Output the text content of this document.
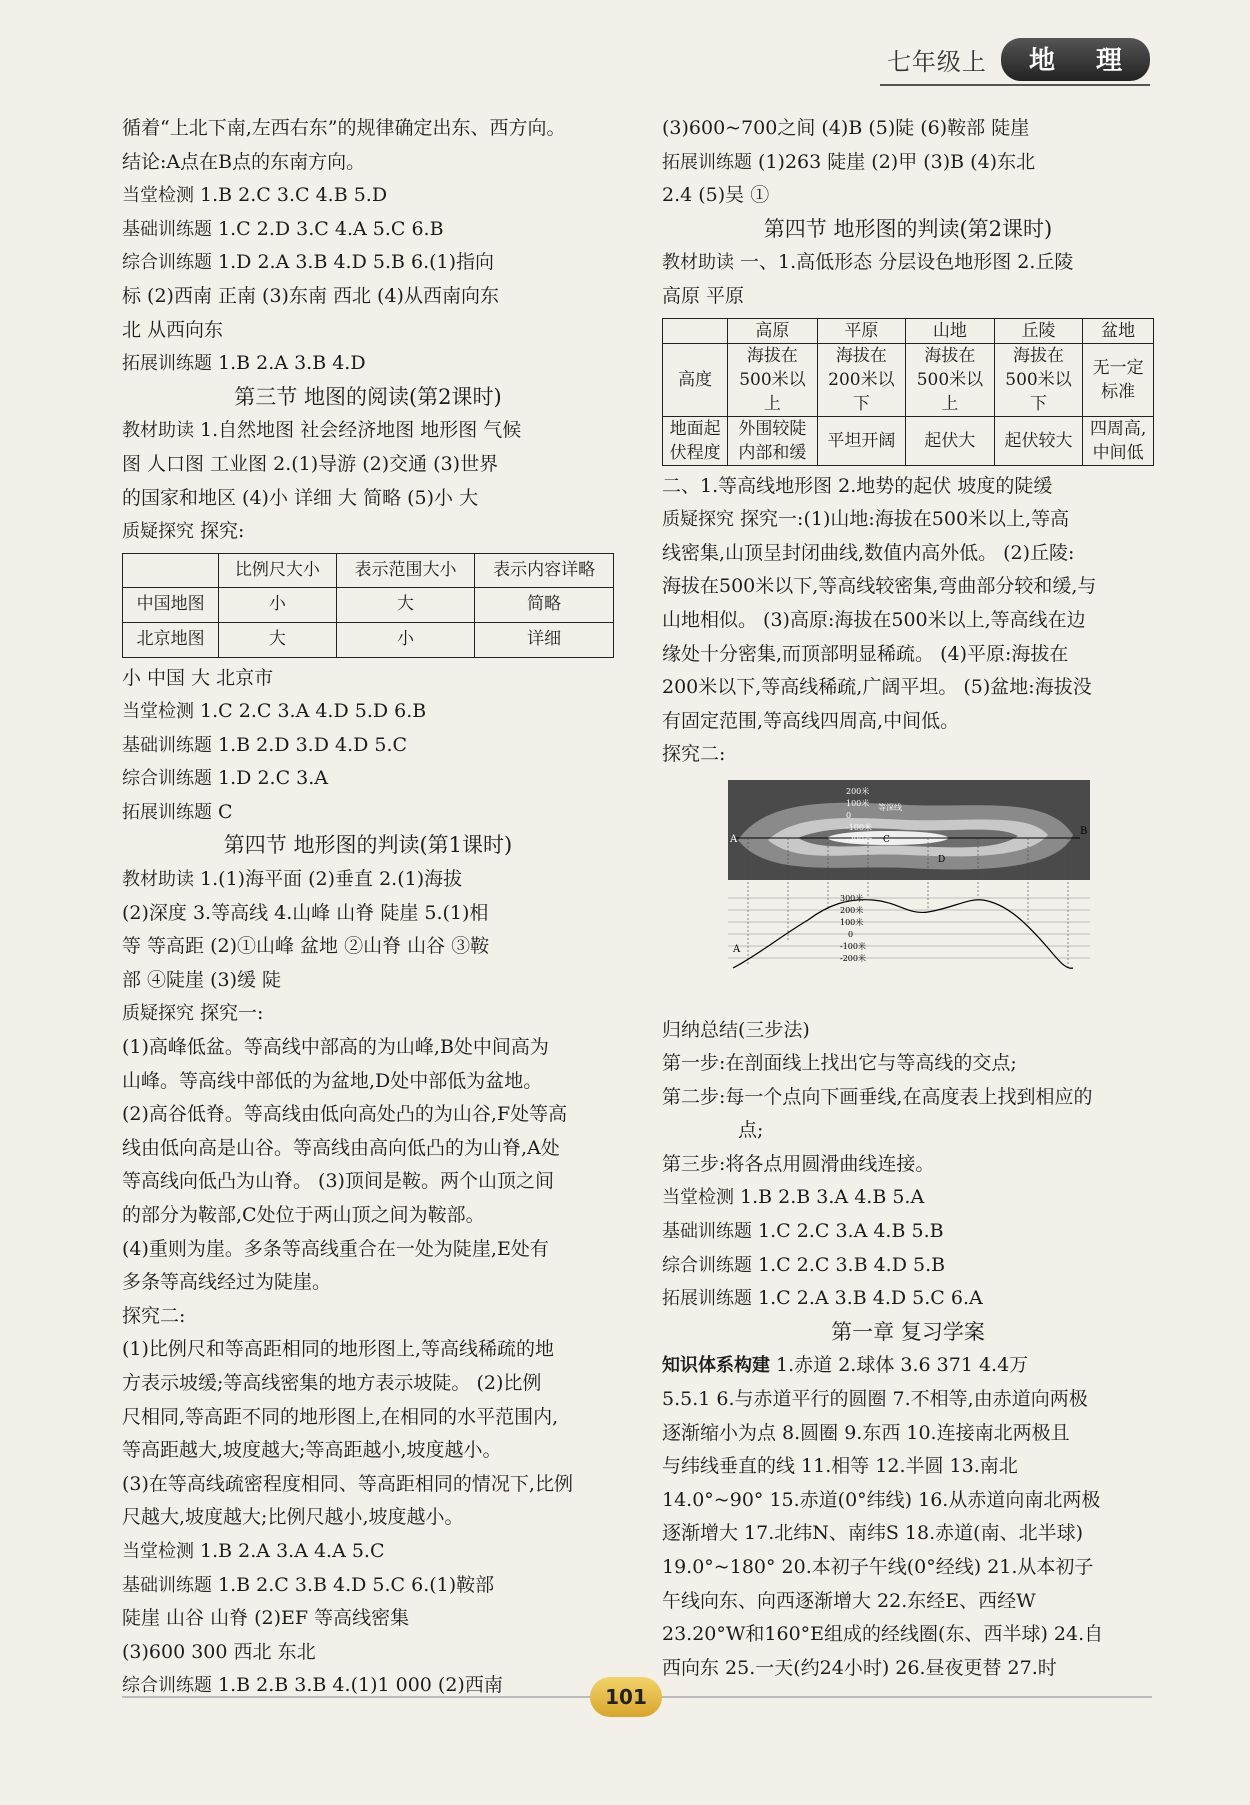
七年级上	地 理
循着“上北下南,左西右东”的规律确定出东、西方向。
结论:A点在B点的东南方向。
当堂检测 1.B 2.C 3.C 4.B 5.D
基础训练题 1.C 2.D 3.C 4.A 5.C 6.B
综合训练题 1.D 2.A 3.B 4.D 5.B 6.(1)指向
标 (2)西南 正南 (3)东南 西北 (4)从西南向东
北 从西向东
拓展训练题 1.B 2.A 3.B 4.D
第三节 地图的阅读(第2课时)
教材助读 1.自然地图 社会经济地图 地形图 气候
图 人口图 工业图 2.(1)导游 (2)交通 (3)世界
的国家和地区 (4)小 详细 大 简略 (5)小 大
质疑探究 探究:
	比例尺大小	表示范围大小	表示内容详略
中国地图	小	大	简略
北京地图	大	小	详细
小 中国 大 北京市
当堂检测 1.C 2.C 3.A 4.D 5.D 6.B
基础训练题 1.B 2.D 3.D 4.D 5.C
综合训练题 1.D 2.C 3.A
拓展训练题 C
第四节 地形图的判读(第1课时)
教材助读 1.(1)海平面 (2)垂直 2.(1)海拔
(2)深度 3.等高线 4.山峰 山脊 陡崖 5.(1)相
等 等高距 (2)①山峰 盆地 ②山脊 山谷 ③鞍
部 ④陡崖 (3)缓 陡
质疑探究 探究一:
(1)高峰低盆。等高线中部高的为山峰,B处中间高为
山峰。等高线中部低的为盆地,D处中部低为盆地。
(2)高谷低脊。等高线由低向高处凸的为山谷,F处等高
线由低向高是山谷。等高线由高向低凸的为山脊,A处
等高线向低凸为山脊。 (3)顶间是鞍。两个山顶之间
的部分为鞍部,C处位于两山顶之间为鞍部。
(4)重则为崖。多条等高线重合在一处为陡崖,E处有
多条等高线经过为陡崖。
探究二:
(1)比例尺和等高距相同的地形图上,等高线稀疏的地
方表示坡缓;等高线密集的地方表示坡陡。 (2)比例
尺相同,等高距不同的地形图上,在相同的水平范围内,
等高距越大,坡度越大;等高距越小,坡度越小。
(3)在等高线疏密程度相同、等高距相同的情况下,比例
尺越大,坡度越大;比例尺越小,坡度越小。
当堂检测 1.B 2.A 3.A 4.A 5.C
基础训练题 1.B 2.C 3.B 4.D 5.C 6.(1)鞍部
陡崖 山谷 山脊 (2)EF 等高线密集
(3)600 300 西北 东北
综合训练题 1.B 2.B 3.B 4.(1)1 000 (2)西南
(3)600~700之间 (4)B (5)陡 (6)鞍部 陡崖
拓展训练题 (1)263 陡崖 (2)甲 (3)B (4)东北
2.4 (5)吴 ①
第四节 地形图的判读(第2课时)
教材助读 一、1.高低形态 分层设色地形图 2.丘陵
高原 平原
	高原	平原	山地	丘陵	盆地
高度	海拔在500米以上	海拔在200米以下	海拔在500米以上	海拔在500米以下	无一定标准
地面起伏程度	外围较陡内部和缓	平坦开阔	起伏大	起伏较大	四周高,中间低
二、1.等高线地形图 2.地势的起伏 坡度的陡缓
质疑探究 探究一:(1)山地:海拔在500米以上,等高
线密集,山顶呈封闭曲线,数值内高外低。 (2)丘陵:
海拔在500米以下,等高线较密集,弯曲部分较和缓,与
山地相似。 (3)高原:海拔在500米以上,等高线在边
缘处十分密集,而顶部明显稀疏。 (4)平原:海拔在
200米以下,等高线稀疏,广阔平坦。 (5)盆地:海拔没
有固定范围,等高线四周高,中间低。
探究二:
200米
100米
0
等深线
-100米
-200米
A
B
C
D
300米
200米
100米
0
-100米
-200米
A
归纳总结(三步法)
第一步:在剖面线上找出它与等高线的交点;
第二步:每一个点向下画垂线,在高度表上找到相应的
点;
第三步:将各点用圆滑曲线连接。
当堂检测 1.B 2.B 3.A 4.B 5.A
基础训练题 1.C 2.C 3.A 4.B 5.B
综合训练题 1.C 2.C 3.B 4.D 5.B
拓展训练题 1.C 2.A 3.B 4.D 5.C 6.A
第一章 复习学案
知识体系构建 1.赤道 2.球体 3.6 371 4.4万
5.5.1 6.与赤道平行的圆圈 7.不相等,由赤道向两极
逐渐缩小为点 8.圆圈 9.东西 10.连接南北两极且
与纬线垂直的线 11.相等 12.半圆 13.南北
14.0°~90° 15.赤道(0°纬线) 16.从赤道向南北两极
逐渐增大 17.北纬N、南纬S 18.赤道(南、北半球)
19.0°~180° 20.本初子午线(0°经线) 21.从本初子
午线向东、向西逐渐增大 22.东经E、西经W
23.20°W和160°E组成的经线圈(东、西半球) 24.自
西向东 25.一天(约24小时) 26.昼夜更替 27.时
101
